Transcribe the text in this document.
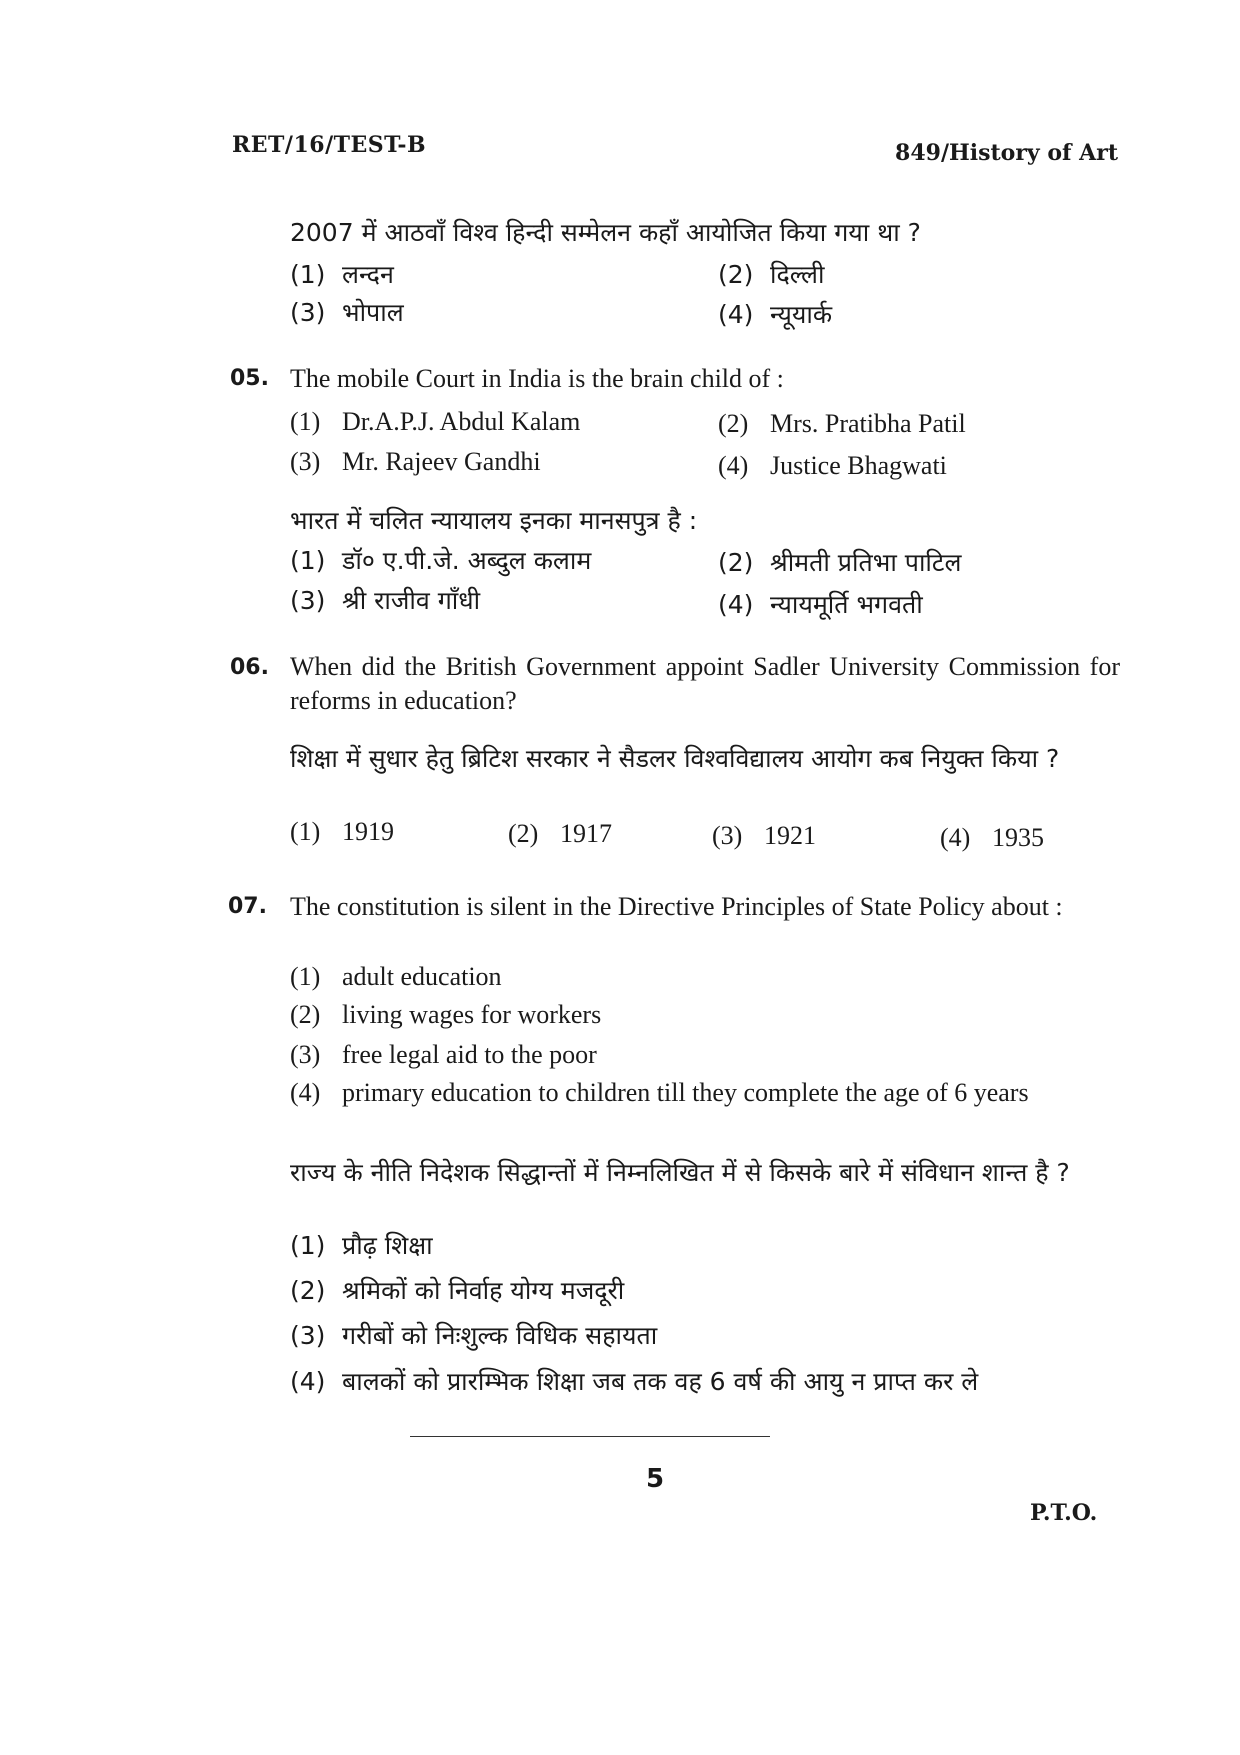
RET/16/TEST-B	849/History of Art
2007 में आठवाँ विश्व हिन्दी सम्मेलन कहाँ आयोजित किया गया था ?
(1) लन्दन	(2) दिल्ली
(3) भोपाल	(4) न्यूयार्क
05. The mobile Court in India is the brain child of :
(1) Dr.A.P.J. Abdul Kalam	(2) Mrs. Pratibha Patil
(3) Mr. Rajeev Gandhi	(4) Justice Bhagwati
भारत में चलित न्यायालय इनका मानसपुत्र है :
(1) डॉ० ए.पी.जे. अब्दुल कलाम	(2) श्रीमती प्रतिभा पाटिल
(3) श्री राजीव गाँधी	(4) न्यायमूर्ति भगवती
06. When did the British Government appoint Sadler University Commission for reforms in education?
शिक्षा में सुधार हेतु ब्रिटिश सरकार ने सैडलर विश्वविद्यालय आयोग कब नियुक्त किया ?
(1) 1919	(2) 1917	(3) 1921	(4) 1935
07. The constitution is silent in the Directive Principles of State Policy about :
(1) adult education
(2) living wages for workers
(3) free legal aid to the poor
(4) primary education to children till they complete the age of 6 years
राज्य के नीति निदेशक सिद्धान्तों में निम्नलिखित में से किसके बारे में संविधान शान्त है ?
(1) प्रौढ़ शिक्षा
(2) श्रमिकों को निर्वाह योग्य मजदूरी
(3) गरीबों को निःशुल्क विधिक सहायता
(4) बालकों को प्रारम्भिक शिक्षा जब तक वह 6 वर्ष की आयु न प्राप्त कर ले
5
P.T.O.
